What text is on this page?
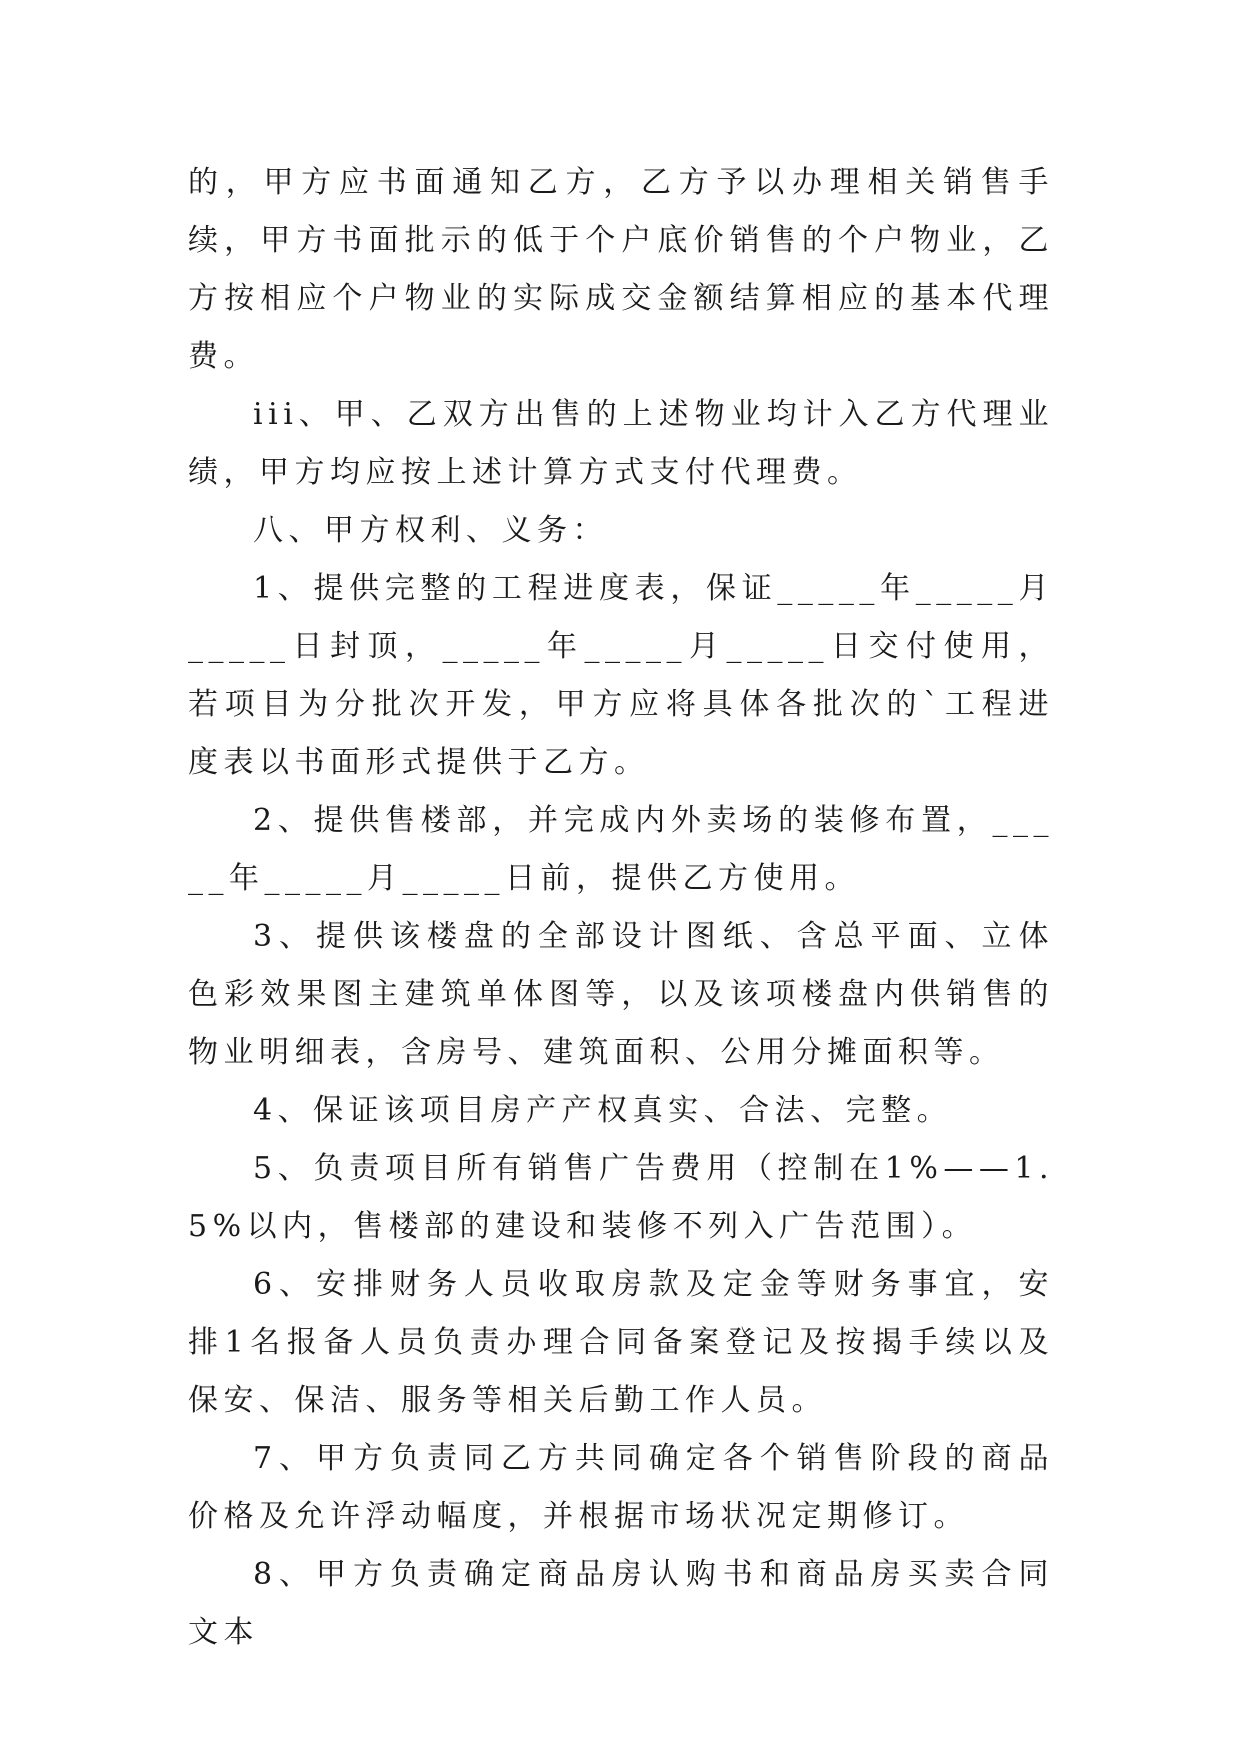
的，甲方应书面通知乙方，乙方予以办理相关销售手续，甲方书面批示的低于个户底价销售的个户物业，乙方按相应个户物业的实际成交金额结算相应的基本代理费。

iii、甲、乙双方出售的上述物业均计入乙方代理业绩，甲方均应按上述计算方式支付代理费。

八、甲方权利、义务：

1、提供完整的工程进度表，保证_____年_____月_____日封顶，_____年_____月_____日交付使用，若项目为分批次开发，甲方应将具体各批次的`工程进度表以书面形式提供于乙方。

2、提供售楼部，并完成内外卖场的装修布置，_____年_____月_____日前，提供乙方使用。

3、提供该楼盘的全部设计图纸、含总平面、立体色彩效果图主建筑单体图等，以及该项楼盘内供销售的物业明细表，含房号、建筑面积、公用分摊面积等。

4、保证该项目房产产权真实、合法、完整。

5、负责项目所有销售广告费用（控制在1%——1.5%以内，售楼部的建设和装修不列入广告范围）。

6、安排财务人员收取房款及定金等财务事宜，安排1名报备人员负责办理合同备案登记及按揭手续以及保安、保洁、服务等相关后勤工作人员。

7、甲方负责同乙方共同确定各个销售阶段的商品价格及允许浮动幅度，并根据市场状况定期修订。

8、甲方负责确定商品房认购书和商品房买卖合同文本
